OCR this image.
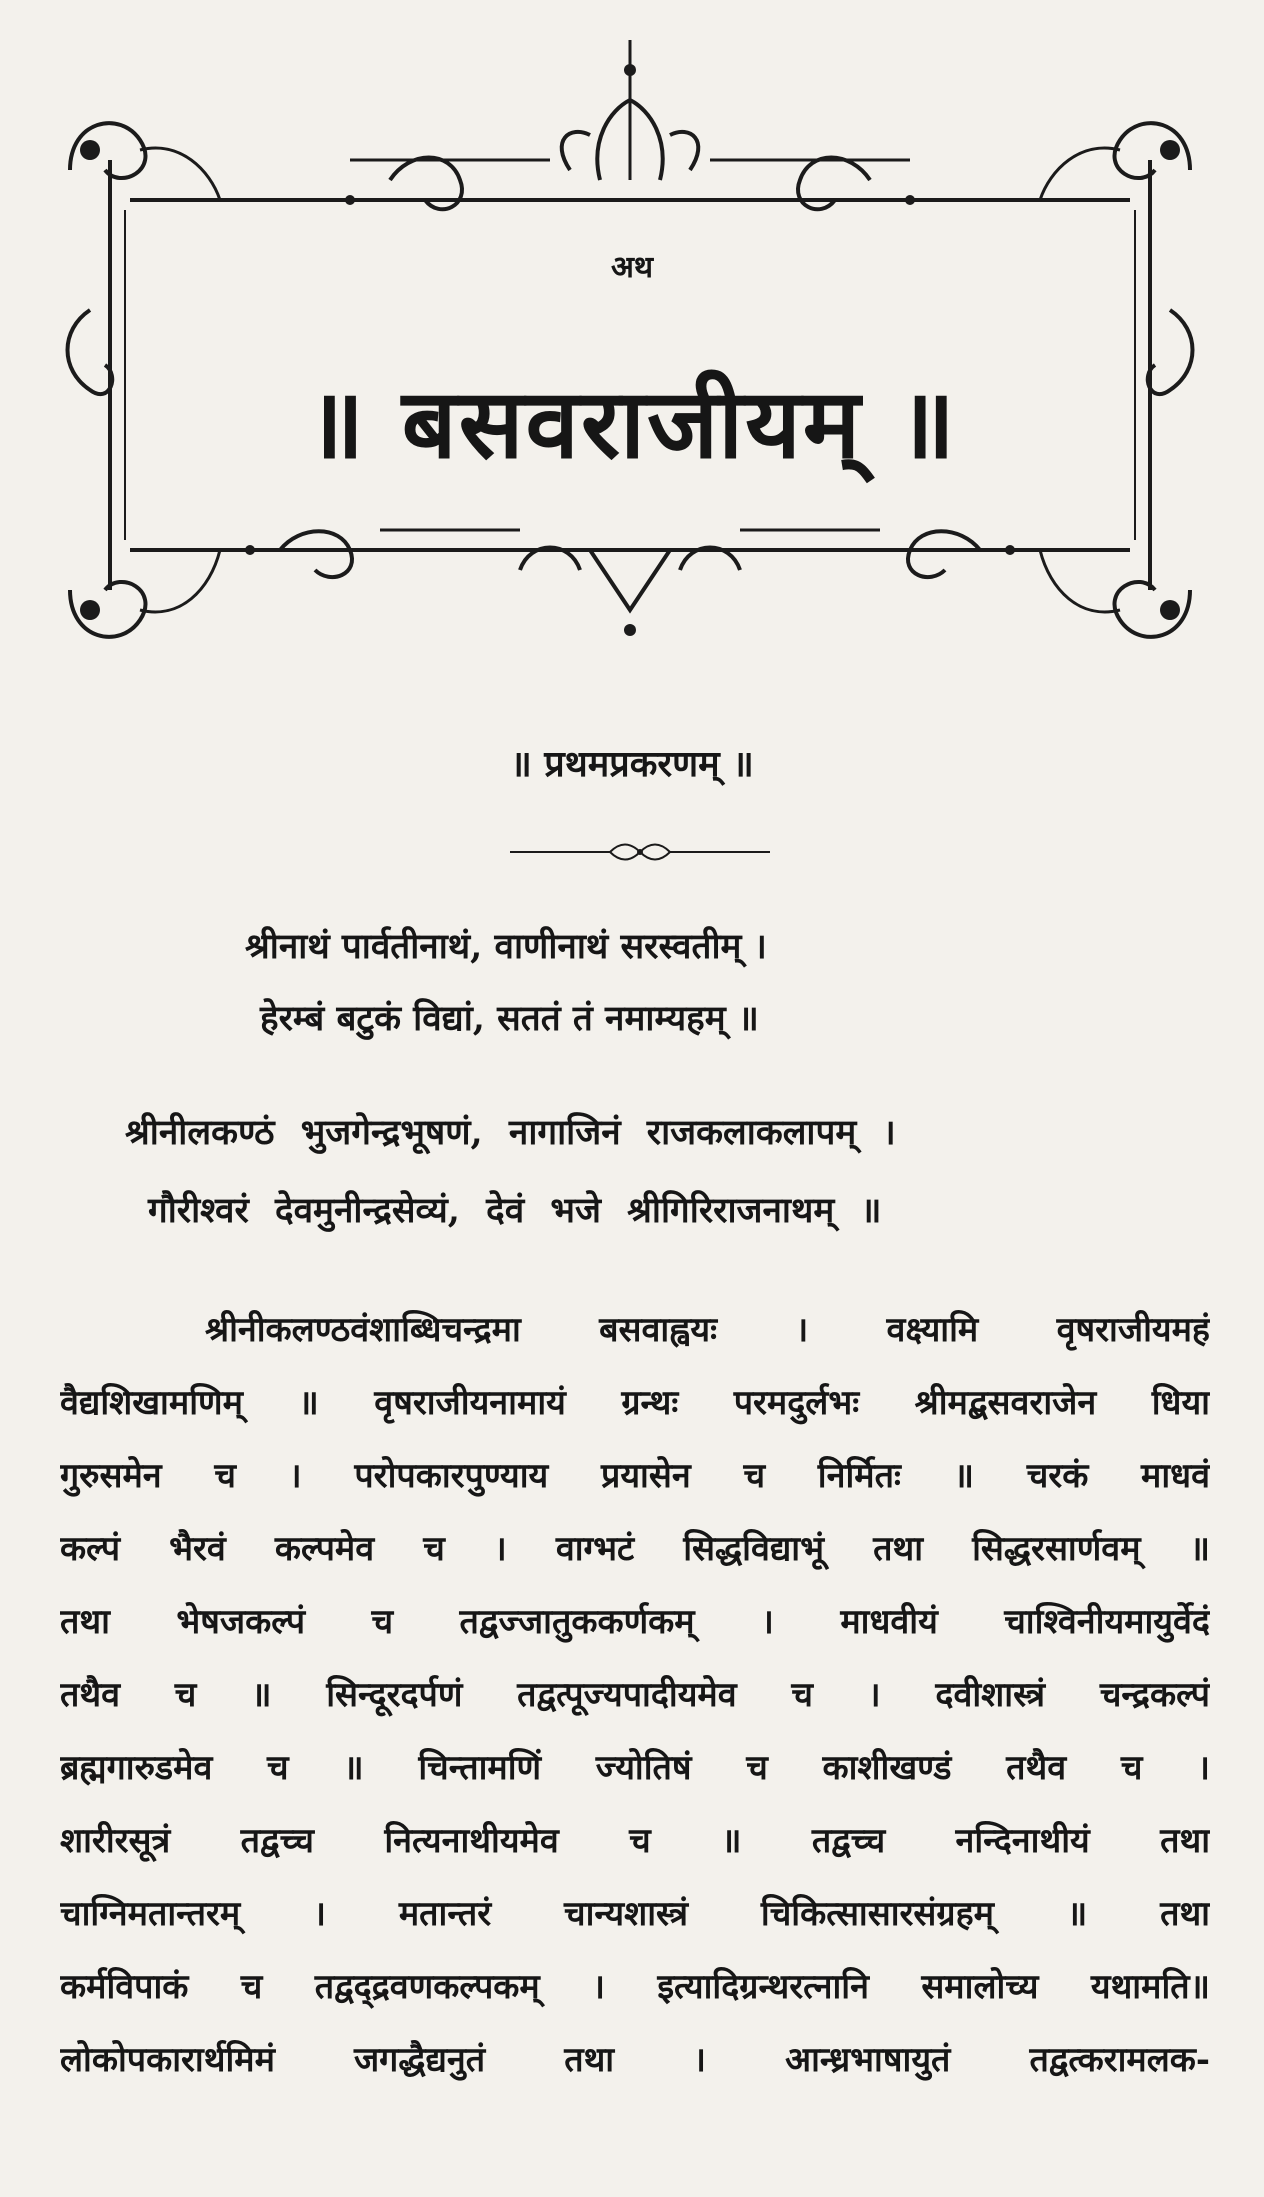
अथ
॥ बसवराजीयम् ॥
॥ प्रथमप्रकरणम् ॥
श्रीनाथं पार्वतीनाथं, वाणीनाथं सरस्वतीम् ।
हेरम्बं बटुकं विद्यां, सततं तं नमाम्यहम् ॥
श्रीनीलकण्ठं भुजगेन्द्रभूषणं, नागाजिनं राजकलाकलापम् ।
गौरीश्वरं देवमुनीन्द्रसेव्यं, देवं भजे श्रीगिरिराजनाथम् ॥
श्रीनीकलण्ठवंशाब्धिचन्द्रमा बसवाह्वयः । वक्ष्यामि वृषराजीयमहं
वैद्यशिखामणिम् ॥ वृषराजीयनामायं ग्रन्थः परमदुर्लभः श्रीमद्बसवराजेन धिया
गुरुसमेन च । परोपकारपुण्याय प्रयासेन च निर्मितः ॥ चरकं माधवं
कल्पं भैरवं कल्पमेव च । वाग्भटं सिद्धविद्याभूं तथा सिद्धरसार्णवम् ॥
तथा भेषजकल्पं च तद्वज्जातुककर्णकम् । माधवीयं चाश्विनीयमायुर्वेदं
तथैव च ॥ सिन्दूरदर्पणं तद्वत्पूज्यपादीयमेव च । दवीशास्त्रं चन्द्रकल्पं
ब्रह्मगारुडमेव च ॥ चिन्तामणिं ज्योतिषं च काशीखण्डं तथैव च ।
शारीरसूत्रं तद्वच्च नित्यनाथीयमेव च ॥ तद्वच्च नन्दिनाथीयं तथा
चाग्निमतान्तरम् । मतान्तरं चान्यशास्त्रं चिकित्सासारसंग्रहम् ॥ तथा
कर्मविपाकं च तद्वद्द्रवणकल्पकम् । इत्यादिग्रन्थरत्नानि समालोच्य यथामति॥
लोकोपकारार्थमिमं जगद्धैद्यनुतं तथा । आन्ध्रभाषायुतं तद्वत्करामलक-
